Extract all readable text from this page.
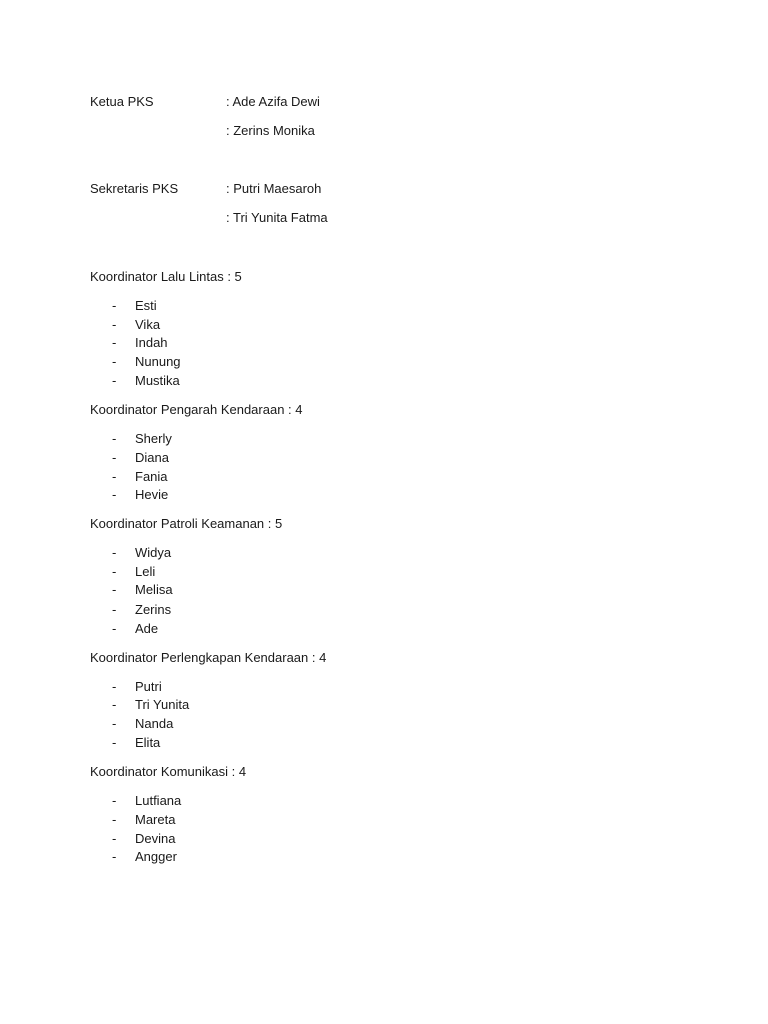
Ketua PKS	: Ade Azifa Dewi
: Zerins Monika
Sekretaris PKS	: Putri Maesaroh
: Tri Yunita Fatma
Koordinator Lalu Lintas : 5
- Esti
- Vika
- Indah
- Nunung
- Mustika
Koordinator Pengarah Kendaraan : 4
- Sherly
- Diana
- Fania
- Hevie
Koordinator Patroli Keamanan : 5
- Widya
- Leli
- Melisa
- Zerins
- Ade
Koordinator Perlengkapan Kendaraan : 4
- Putri
- Tri Yunita
- Nanda
- Elita
Koordinator Komunikasi : 4
- Lutfiana
- Mareta
- Devina
- Angger
